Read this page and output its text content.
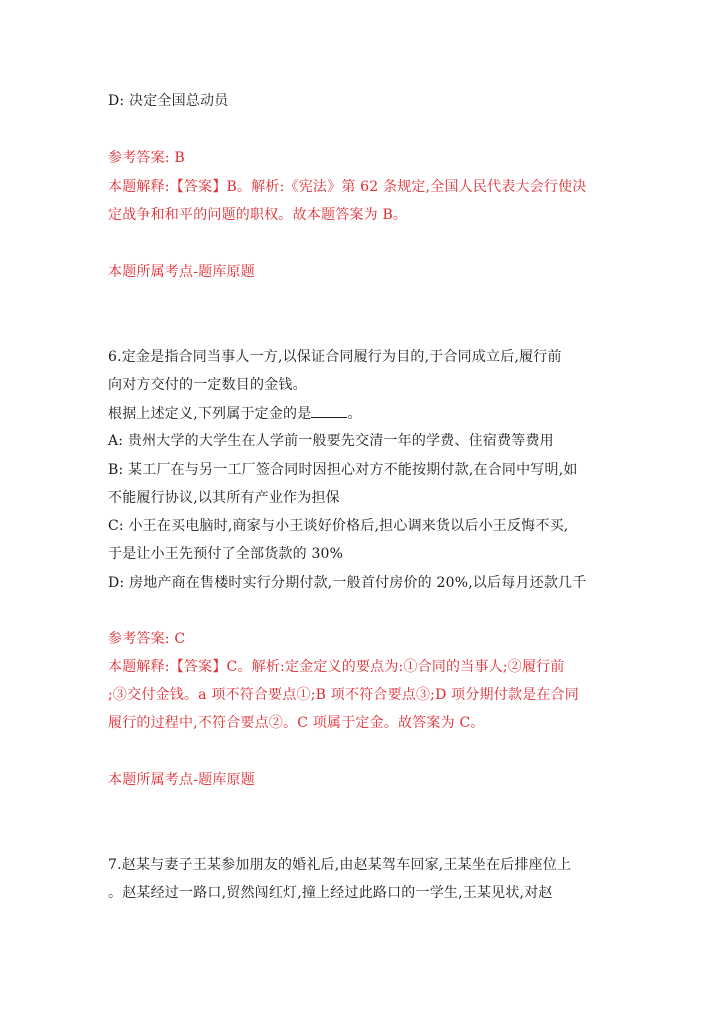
D: 决定全国总动员
参考答案: B
本题解释:【答案】B。解析:《宪法》第 62 条规定,全国人民代表大会行使决
定战争和和平的问题的职权。故本题答案为 B。
本题所属考点-题库原题
6.定金是指合同当事人一方,以保证合同履行为目的,于合同成立后,履行前
向对方交付的一定数目的金钱。
根据上述定义,下列属于定金的是	。
A: 贵州大学的大学生在人学前一般要先交清一年的学费、住宿费等费用
B: 某工厂在与另一工厂签合同时因担心对方不能按期付款,在合同中写明,如
不能履行协议,以其所有产业作为担保
C: 小王在买电脑时,商家与小王谈好价格后,担心调来货以后小王反悔不买,
于是让小王先预付了全部货款的 30%
D: 房地产商在售楼时实行分期付款,一般首付房价的 20%,以后每月还款几千
参考答案: C
本题解释:【答案】C。解析:定金定义的要点为:①合同的当事人;②履行前
;③交付金钱。a 项不符合要点①;B 项不符合要点③;D 项分期付款是在合同
履行的过程中,不符合要点②。C 项属于定金。故答案为 C。
本题所属考点-题库原题
7.赵某与妻子王某参加朋友的婚礼后,由赵某驾车回家,王某坐在后排座位上
。赵某经过一路口,贸然闯红灯,撞上经过此路口的一学生,王某见状,对赵
